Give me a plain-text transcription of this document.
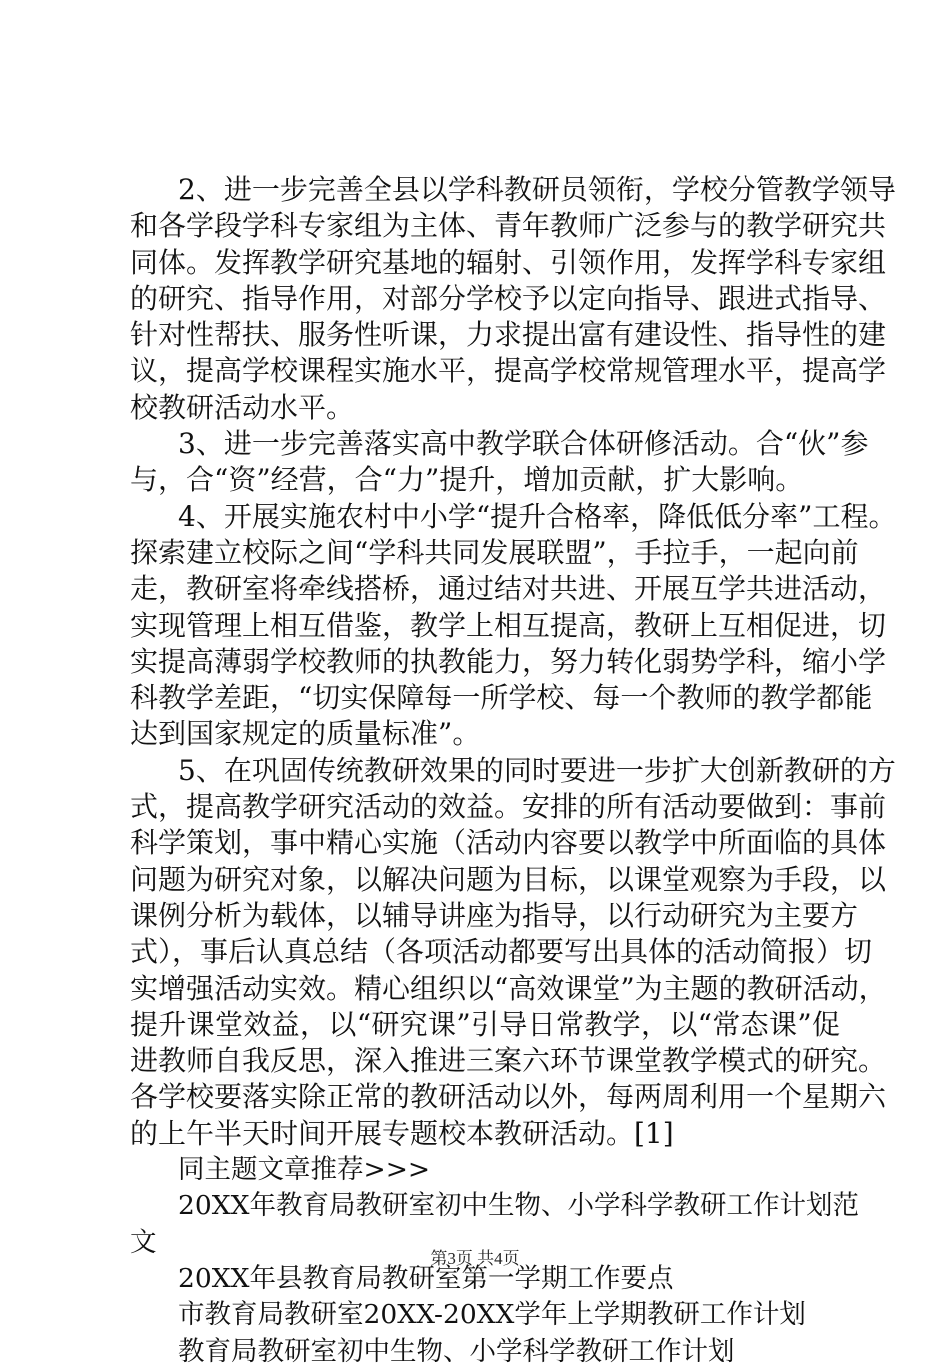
2、进一步完善全县以学科教研员领衔，学校分管教学领导
和各学段学科专家组为主体、青年教师广泛参与的教学研究共
同体。发挥教学研究基地的辐射、引领作用，发挥学科专家组
的研究、指导作用，对部分学校予以定向指导、跟进式指导、
针对性帮扶、服务性听课，力求提出富有建设性、指导性的建
议，提高学校课程实施水平，提高学校常规管理水平，提高学
校教研活动水平。
3、进一步完善落实高中教学联合体研修活动。合“伙”参
与，合“资”经营，合“力”提升，增加贡献，扩大影响。
4、开展实施农村中小学“提升合格率，降低低分率”工程。
探索建立校际之间“学科共同发展联盟”，手拉手，一起向前
走，教研室将牵线搭桥，通过结对共进、开展互学共进活动，
实现管理上相互借鉴，教学上相互提高，教研上互相促进，切
实提高薄弱学校教师的执教能力，努力转化弱势学科，缩小学
科教学差距，“切实保障每一所学校、每一个教师的教学都能
达到国家规定的质量标准”。
5、在巩固传统教研效果的同时要进一步扩大创新教研的方
式，提高教学研究活动的效益。安排的所有活动要做到：事前
科学策划，事中精心实施（活动内容要以教学中所面临的具体
问题为研究对象，以解决问题为目标，以课堂观察为手段，以
课例分析为载体，以辅导讲座为指导，以行动研究为主要方
式），事后认真总结（各项活动都要写出具体的活动简报）切
实增强活动实效。精心组织以“高效课堂”为主题的教研活动，
提升课堂效益，以“研究课”引导日常教学，以“常态课”促
进教师自我反思，深入推进三案六环节课堂教学模式的研究。
各学校要落实除正常的教研活动以外，每两周利用一个星期六
的上午半天时间开展专题校本教研活动。[1]
同主题文章推荐>>>
20XX年教育局教研室初中生物、小学科学教研工作计划范
文
20XX年县教育局教研室第一学期工作要点
市教育局教研室20XX-20XX学年上学期教研工作计划
教育局教研室初中生物、小学科学教研工作计划
第3页 共4页
